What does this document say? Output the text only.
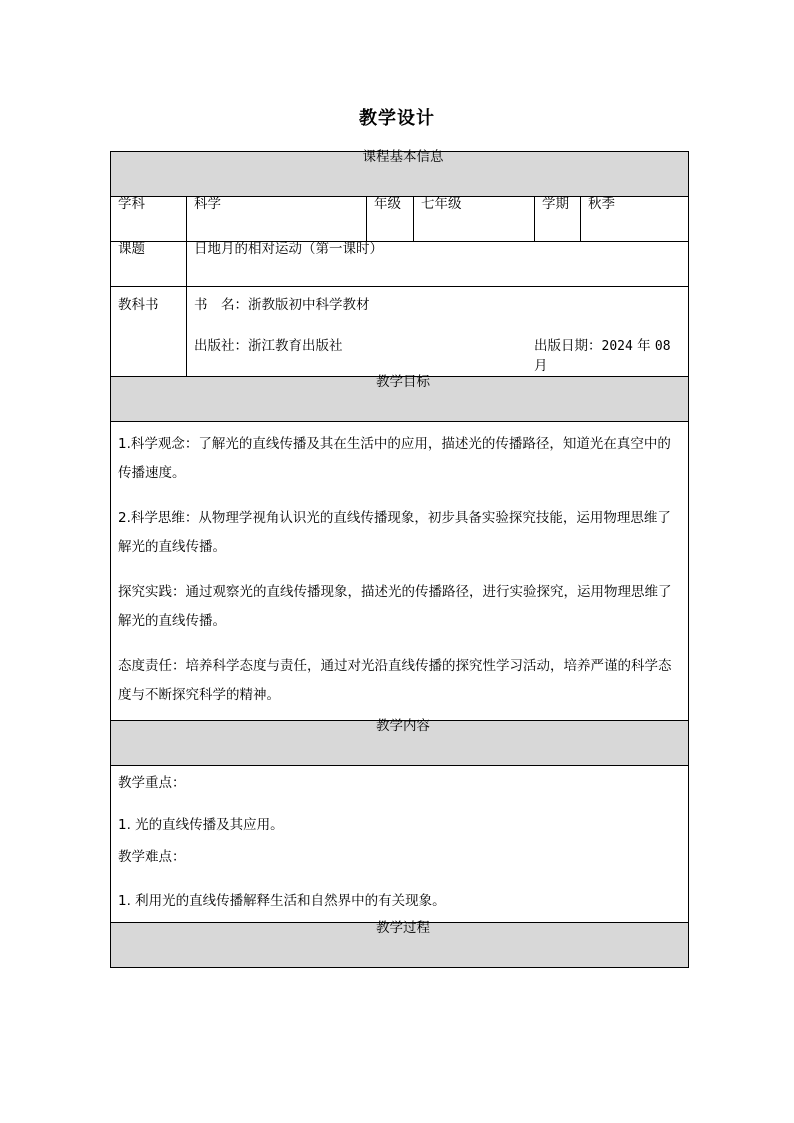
教学设计
课程基本信息					
学科	科学	年级	七年级	学期	秋季
课题	日地月的相对运动（第一课时）				

教科书	书　名：浙教版初中科学教材
出版社：浙江教育出版社 出版日期：2024 年 08 月				

教学目标					

1.科学观念：了解光的直线传播及其在生活中的应用，描述光的传播路径，知道光在真空中的传播速度。

2.科学思维：从物理学视角认识光的直线传播现象，初步具备实验探究技能，运用物理思维了解光的直线传播。

探究实践：通过观察光的直线传播现象，描述光的传播路径，进行实验探究，运用物理思维了解光的直线传播。

态度责任：培养科学态度与责任，通过对光沿直线传播的探究性学习活动，培养严谨的科学态度与不断探究科学的精神。					

教学内容					

教学重点：

1. 光的直线传播及其应用。

教学难点：

1. 利用光的直线传播解释生活和自然界中的有关现象。					

教学过程					
